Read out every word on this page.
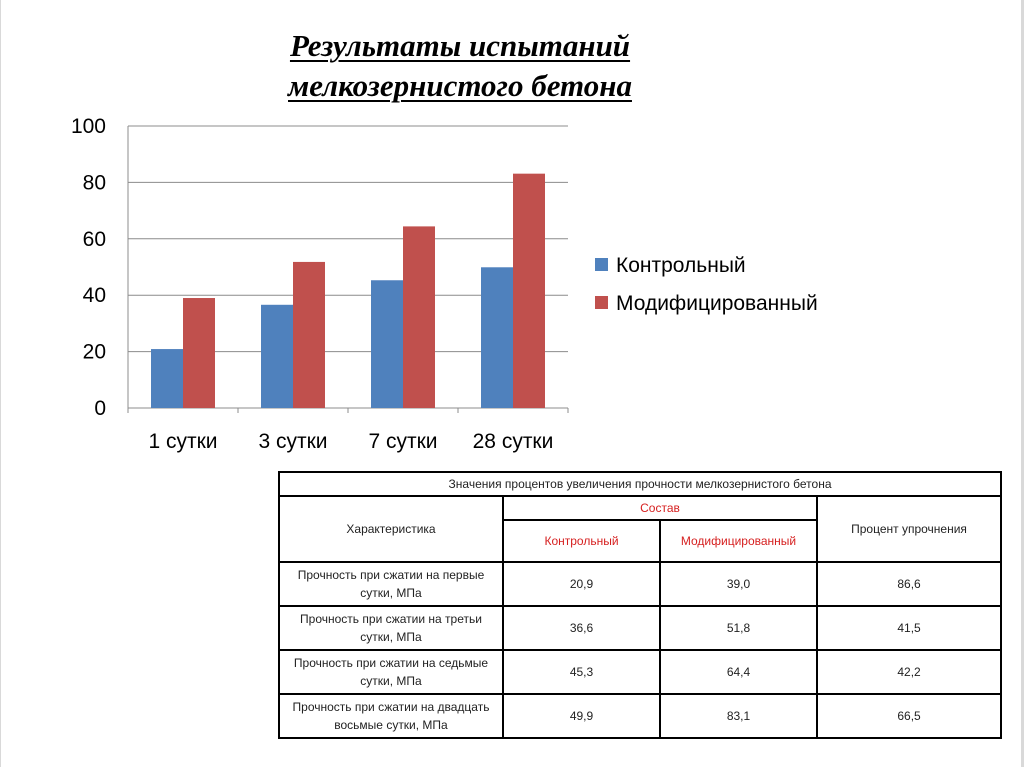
Результаты испытаний
мелкозернистого бетона
0
20
40
60
80
100
1 сутки 3 сутки 7 сутки 28 сутки
Контрольный
Модифицированный
Значения процентов увеличения прочности мелкозернистого бетона			
Характеристика	Состав		Процент упрочнения
	Контрольный	Модифицированный	
Прочность при сжатии на первые сутки, МПа	20,9	39,0	86,6
Прочность при сжатии на третьи сутки, МПа	36,6	51,8	41,5
Прочность при сжатии на седьмые сутки, МПа	45,3	64,4	42,2
Прочность при сжатии на двадцать восьмые сутки, МПа	49,9	83,1	66,5
